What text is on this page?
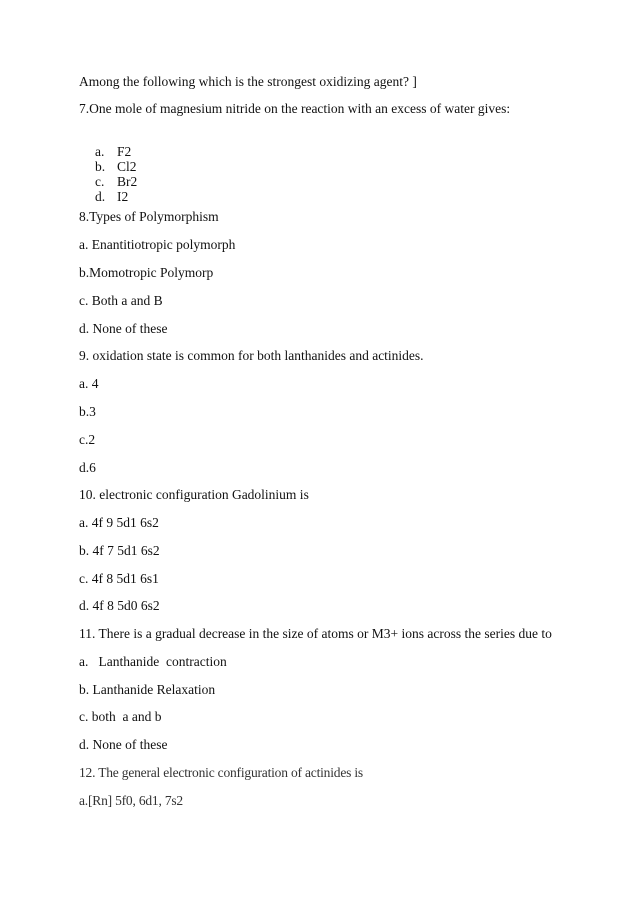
Among the following which is the strongest oxidizing agent? ]

7.One mole of magnesium nitride on the reaction with an excess of water gives:

a. F2
b. Cl2
c. Br2
d. I2

8.Types of Polymorphism

a. Enantitiotropic polymorph

b.Momotropic Polymorp

c. Both a and B

d. None of these

9. oxidation state is common for both lanthanides and actinides.

a. 4

b.3

c.2

d.6

10. electronic configuration Gadolinium is

a. 4f 9 5d1 6s2

b. 4f 7 5d1 6s2

c. 4f 8 5d1 6s1

d. 4f 8 5d0 6s2

11. There is a gradual decrease in the size of atoms or M3+ ions across the series due to

a.   Lanthanide  contraction

b. Lanthanide Relaxation

c. both  a and b

d. None of these

12. The general electronic configuration of actinides is

a.[Rn] 5f0, 6d1, 7s2
